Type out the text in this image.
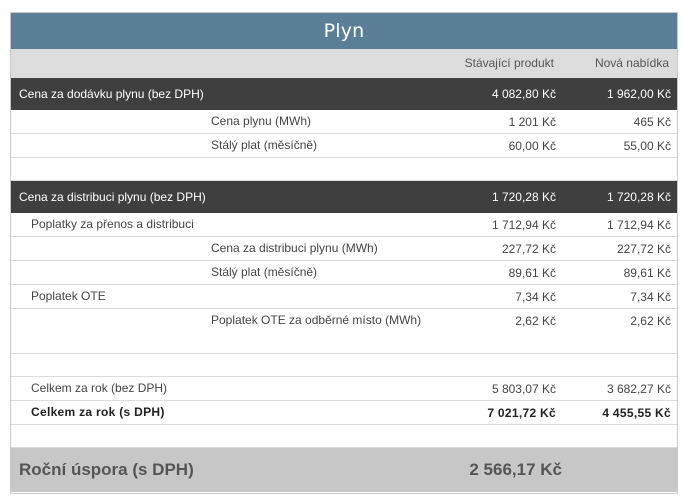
Plyn
	Stávající produkt	Nová nabídka
Cena za dodávku plynu (bez DPH)	4 082,80 Kč	1 962,00 Kč
Cena plynu (MWh)	1 201 Kč	465 Kč
Stálý plat (měsíčně)	60,00 Kč	55,00 Kč

Cena za distribuci plynu (bez DPH)	1 720,28 Kč	1 720,28 Kč
Poplatky za přenos a distribuci	1 712,94 Kč	1 712,94 Kč
Cena za distribuci plynu (MWh)	227,72 Kč	227,72 Kč
Stálý plat (měsíčně)	89,61 Kč	89,61 Kč
Poplatek OTE	7,34 Kč	7,34 Kč
Poplatek OTE za odběrné místo (MWh)	2,62 Kč	2,62 Kč

Celkem za rok (bez DPH)	5 803,07 Kč	3 682,27 Kč
Celkem za rok (s DPH)	7 021,72 Kč	4 455,55 Kč

Roční úspora (s DPH)	2 566,17 Kč	
